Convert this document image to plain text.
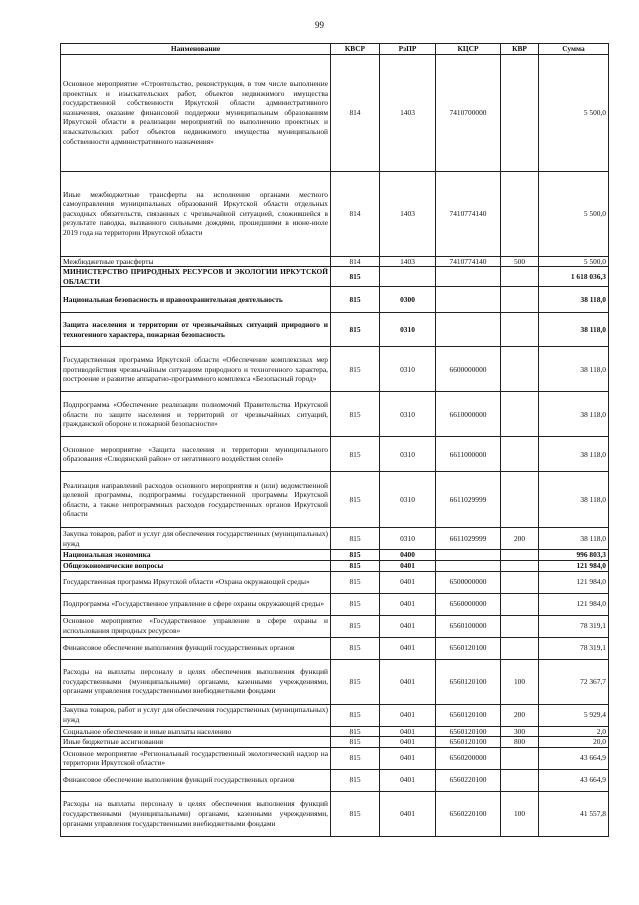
99
Наименование	КВСР	РзПР	КЦСР	КВР	Сумма
Основное мероприятие «Строительство, реконструкция, в том числе выполнение проектных и изыскательских работ, объектов недвижимого имущества государственной собственности Иркутской области административного назначения, оказание финансовой поддержки муниципальным образованиям Иркутской области в реализации мероприятий по выполнению проектных и изыскательских работ объектов недвижимого имущества муниципальной собственности административного назначения»	814	1403	7410700000		5 500,0
Иные межбюджетные трансферты на исполнение органами местного самоуправления муниципальных образований Иркутской области отдельных расходных обязательств, связанных с чрезвычайной ситуацией, сложившейся в результате паводка, вызванного сильными дождями, прошедшими в июне-июле 2019 года на территории Иркутской области	814	1403	7410774140		5 500,0
Межбюджетные трансферты	814	1403	7410774140	500	5 500,0
МИНИСТЕРСТВО ПРИРОДНЫХ РЕСУРСОВ И ЭКОЛОГИИ ИРКУТСКОЙ ОБЛАСТИ	815				1 618 036,3
Национальная безопасность и правоохранительная деятельность	815	0300			38 118,0
Защита населения и территории от чрезвычайных ситуаций природного и техногенного характера, пожарная безопасность	815	0310			38 118,0
Государственная программа Иркутской области «Обеспечение комплексных мер противодействия чрезвычайным ситуациям природного и техногенного характера, построение и развитие аппаратно-программного комплекса «Безопасный город»	815	0310	6600000000		38 118,0
Подпрограмма «Обеспечение реализации полномочий Правительства Иркутской области по защите населения и территорий от чрезвычайных ситуаций, гражданской обороне и пожарной безопасности»	815	0310	6610000000		38 118,0
Основное мероприятие «Защита населения и территории муниципального образования «Слюдянский район» от негативного воздействия селей»	815	0310	6611000000		38 118,0
Реализация направлений расходов основного мероприятия и (или) ведомственной целевой программы, подпрограммы государственной программы Иркутской области, а также непрограммных расходов государственных органов Иркутской области	815	0310	6611029999		38 118,0
Закупка товаров, работ и услуг для обеспечения государственных (муниципальных) нужд	815	0310	6611029999	200	38 118,0
Национальная экономика	815	0400			996 803,3
Общеэкономические вопросы	815	0401			121 984,0
Государственная программа Иркутской области «Охрана окружающей среды»	815	0401	6500000000		121 984,0
Подпрограмма «Государственное управление в сфере охраны окружающей среды»	815	0401	6560000000		121 984,0
Основное мероприятие «Государственное управление в сфере охраны и использования природных ресурсов»	815	0401	6560100000		78 319,1
Финансовое обеспечение выполнения функций государственных органов	815	0401	6560120100		78 319,1
Расходы на выплаты персоналу в целях обеспечения выполнения функций государственными (муниципальными) органами, казенными учреждениями, органами управления государственными внебюджетными фондами	815	0401	6560120100	100	72 367,7
Закупка товаров, работ и услуг для обеспечения государственных (муниципальных) нужд	815	0401	6560120100	200	5 929,4
Социальное обеспечение и иные выплаты населению	815	0401	6560120100	300	2,0
Иные бюджетные ассигнования	815	0401	6560120100	800	20,0
Основное мероприятие «Региональный государственный экологический надзор на территории Иркутской области»	815	0401	6560200000		43 664,9
Финансовое обеспечение выполнения функций государственных органов	815	0401	6560220100		43 664,9
Расходы на выплаты персоналу в целях обеспечения выполнения функций государственными (муниципальными) органами, казенными учреждениями, органами управления государственными внебюджетными фондами	815	0401	6560220100	100	41 557,8
